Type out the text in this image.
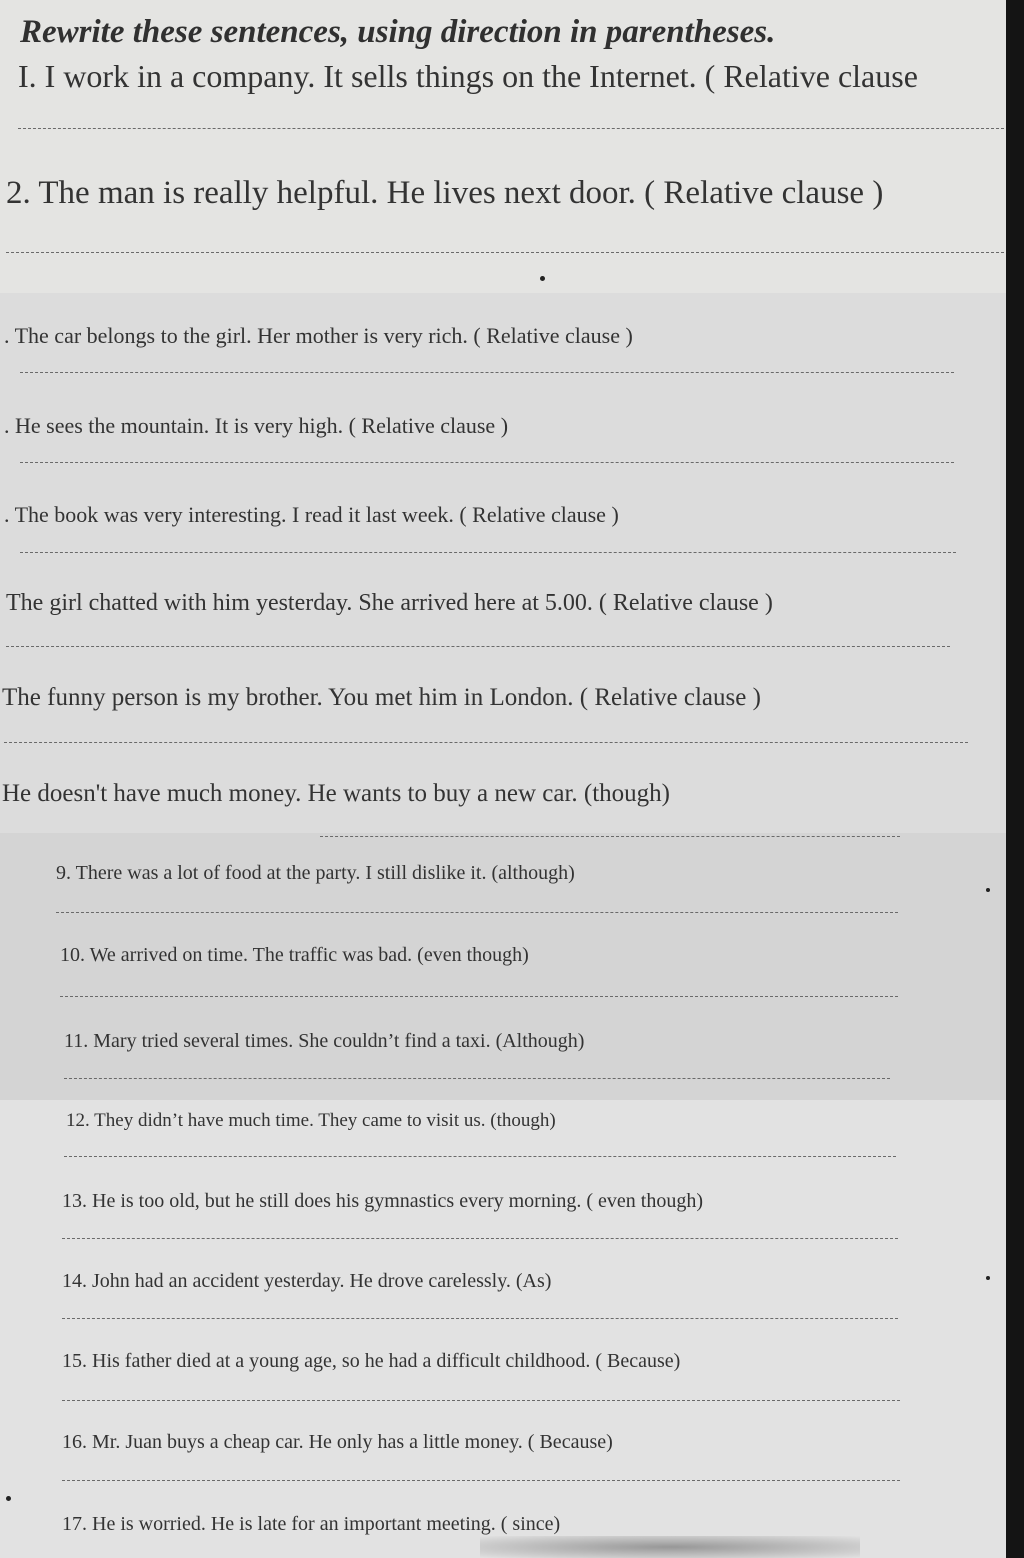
Rewrite these sentences, using direction in parentheses.
I. I work in a company. It sells things on the Internet. ( Relative clause
2. The man is really helpful. He lives next door. ( Relative clause )
. The car belongs to the girl. Her mother is very rich. ( Relative clause )
. He sees the mountain. It is very high. ( Relative clause )
. The book was very interesting. I read it last week. ( Relative clause )
The girl chatted with him yesterday. She arrived here at 5.00. ( Relative clause )
The funny person is my brother. You met him in London. ( Relative clause )
He doesn't have much money. He wants to buy a new car. (though)
9. There was a lot of food at the party. I still dislike it. (although)
10. We arrived on time. The traffic was bad. (even though)
11. Mary tried several times. She couldn’t find a taxi. (Although)
12. They didn’t have much time. They came to visit us. (though)
13. He is too old, but he still does his gymnastics every morning. ( even though)
14. John had an accident yesterday. He drove carelessly. (As)
15. His father died at a young age, so he had a difficult childhood. ( Because)
16. Mr. Juan buys a cheap car. He only has a little money. ( Because)
17. He is worried. He is late for an important meeting. ( since)
